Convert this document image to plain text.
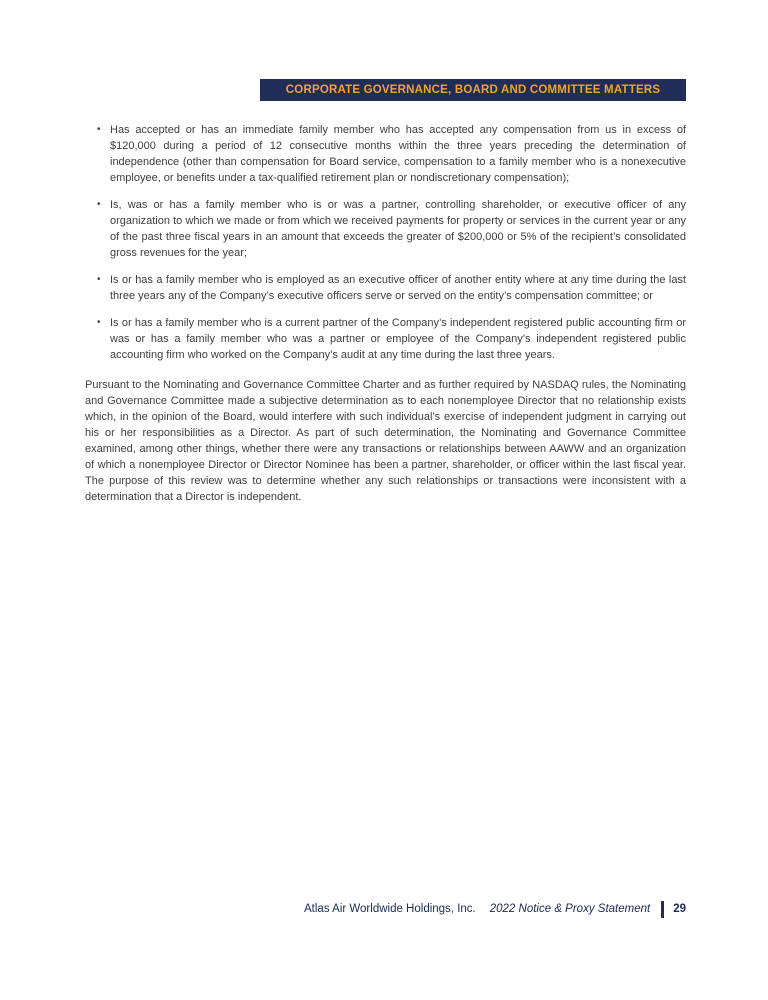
CORPORATE GOVERNANCE, BOARD AND COMMITTEE MATTERS
• Has accepted or has an immediate family member who has accepted any compensation from us in excess of $120,000 during a period of 12 consecutive months within the three years preceding the determination of independence (other than compensation for Board service, compensation to a family member who is a nonexecutive employee, or benefits under a tax-qualified retirement plan or nondiscretionary compensation);
• Is, was or has a family member who is or was a partner, controlling shareholder, or executive officer of any organization to which we made or from which we received payments for property or services in the current year or any of the past three fiscal years in an amount that exceeds the greater of $200,000 or 5% of the recipient’s consolidated gross revenues for the year;
• Is or has a family member who is employed as an executive officer of another entity where at any time during the last three years any of the Company’s executive officers serve or served on the entity’s compensation committee; or
• Is or has a family member who is a current partner of the Company’s independent registered public accounting firm or was or has a family member who was a partner or employee of the Company’s independent registered public accounting firm who worked on the Company’s audit at any time during the last three years.

Pursuant to the Nominating and Governance Committee Charter and as further required by NASDAQ rules, the Nominating and Governance Committee made a subjective determination as to each nonemployee Director that no relationship exists which, in the opinion of the Board, would interfere with such individual’s exercise of independent judgment in carrying out his or her responsibilities as a Director. As part of such determination, the Nominating and Governance Committee examined, among other things, whether there were any transactions or relationships between AAWW and an organization of which a nonemployee Director or Director Nominee has been a partner, shareholder, or officer within the last fiscal year. The purpose of this review was to determine whether any such relationships or transactions were inconsistent with a determination that a Director is independent.

Atlas Air Worldwide Holdings, Inc. 2022 Notice & Proxy Statement 29
